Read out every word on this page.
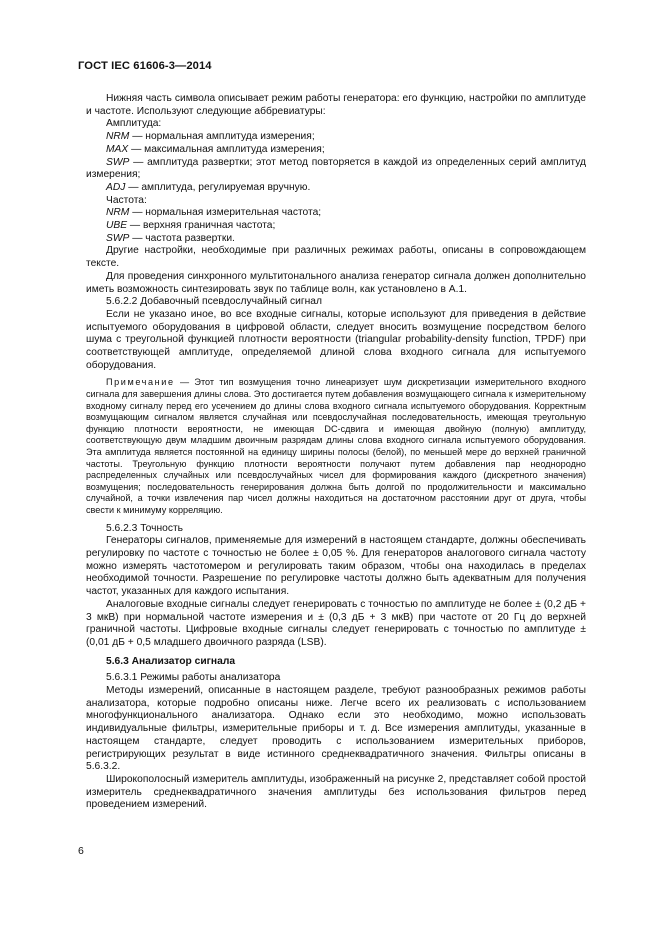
ГОСТ IEC 61606-3—2014

Нижняя часть символа описывает режим работы генератора: его функцию, настройки по амплитуде и частоте. Используют следующие аббревиатуры:

Амплитуда:

NRM — нормальная амплитуда измерения;

MAX — максимальная амплитуда измерения;

SWP — амплитуда развертки; этот метод повторяется в каждой из определенных серий амплитуд измерения;

ADJ — амплитуда, регулируемая вручную.

Частота:

NRM — нормальная измерительная частота;

UBE — верхняя граничная частота;

SWP — частота развертки.

Другие настройки, необходимые при различных режимах работы, описаны в сопровождающем тексте.

Для проведения синхронного мультитонального анализа генератор сигнала должен дополнительно иметь возможность синтезировать звук по таблице волн, как установлено в А.1.

5.6.2.2 Добавочный псевдослучайный сигнал

Если не указано иное, во все входные сигналы, которые используют для приведения в действие испытуемого оборудования в цифровой области, следует вносить возмущение посредством белого шума с треугольной функцией плотности вероятности (triangular probability-density function, TPDF) при соответствующей амплитуде, определяемой длиной слова входного сигнала для испытуемого оборудования.

Примечание — Этот тип возмущения точно линеаризует шум дискретизации измерительного входного сигнала для завершения длины слова. Это достигается путем добавления возмущающего сигнала к измерительному входному сигналу перед его усечением до длины слова входного сигнала испытуемого оборудования. Корректным возмущающим сигналом является случайная или псевдослучайная последовательность, имеющая треугольную функцию плотности вероятности, не имеющая DC-сдвига и имеющая двойную (полную) амплитуду, соответствующую двум младшим двоичным разрядам длины слова входного сигнала испытуемого оборудования. Эта амплитуда является постоянной на единицу ширины полосы (белой), по меньшей мере до верхней граничной частоты. Треугольную функцию плотности вероятности получают путем добавления пар неоднородно распределенных случайных или псевдослучайных чисел для формирования каждого (дискретного значения) возмущения; последовательность генерирования должна быть долгой по продолжительности и максимально случайной, а точки извлечения пар чисел должны находиться на достаточном расстоянии друг от друга, чтобы свести к минимуму корреляцию.

5.6.2.3 Точность

Генераторы сигналов, применяемые для измерений в настоящем стандарте, должны обеспечивать регулировку по частоте с точностью не более ± 0,05 %. Для генераторов аналогового сигнала частоту можно измерять частотомером и регулировать таким образом, чтобы она находилась в пределах необходимой точности. Разрешение по регулировке частоты должно быть адекватным для получения частот, указанных для каждого испытания.

Аналоговые входные сигналы следует генерировать с точностью по амплитуде не более ± (0,2 дБ + 3 мкВ) при нормальной частоте измерения и ± (0,3 дБ + 3 мкВ) при частоте от 20 Гц до верхней граничной частоты. Цифровые входные сигналы следует генерировать с точностью по амплитуде ± (0,01 дБ + 0,5 младшего двоичного разряда (LSB).

5.6.3 Анализатор сигнала

5.6.3.1 Режимы работы анализатора

Методы измерений, описанные в настоящем разделе, требуют разнообразных режимов работы анализатора, которые подробно описаны ниже. Легче всего их реализовать с использованием многофункционального анализатора. Однако если это необходимо, можно использовать индивидуальные фильтры, измерительные приборы и т. д. Все измерения амплитуды, указанные в настоящем стандарте, следует проводить с использованием измерительных приборов, регистрирующих результат в виде истинного среднеквадратичного значения. Фильтры описаны в 5.6.3.2.

Широкополосный измеритель амплитуды, изображенный на рисунке 2, представляет собой простой измеритель среднеквадратичного значения амплитуды без использования фильтров перед проведением измерений.

6
